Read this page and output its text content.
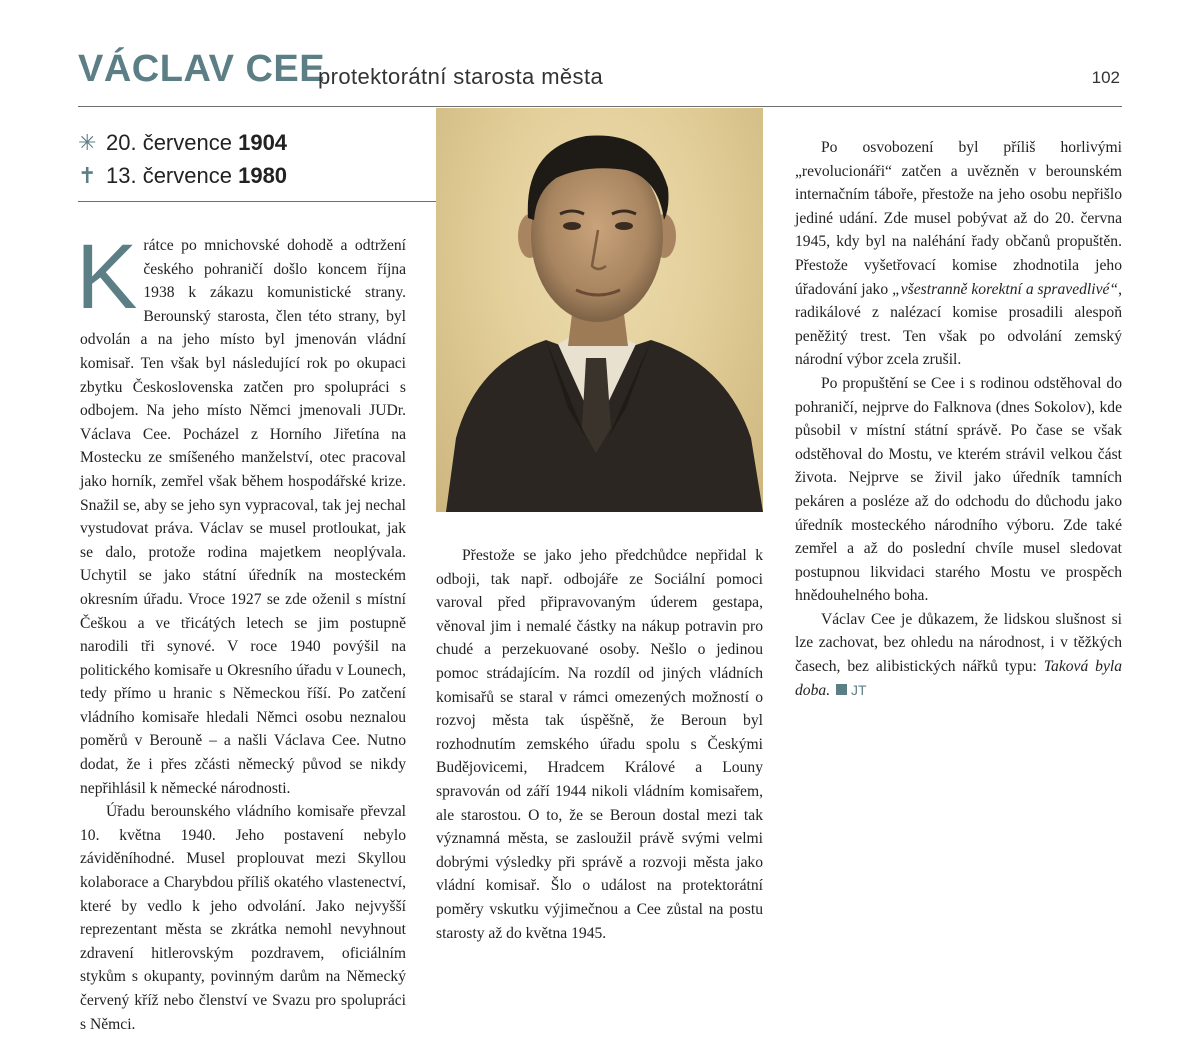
VÁCLAV CEE
protektorátní starosta města	102
✳ 20. července 1904
✝ 13. července 1980

Krátce po mnichovské dohodě a odtržení českého pohraničí došlo koncem října 1938 k zákazu komunistické strany. Berounský starosta, člen této strany, byl odvolán a na jeho místo byl jmenován vládní komisař. Ten však byl následující rok po okupaci zbytku Československa zatčen pro spolupráci s odbojem. Na jeho místo Němci jmenovali JUDr. Václava Cee. Pocházel z Horního Jiřetína na Mostecku ze smíšeného manželství, otec pracoval jako horník, zemřel však během hospodářské krize. Snažil se, aby se jeho syn vypracoval, tak jej nechal vystudovat práva. Václav se musel protloukat, jak se dalo, protože rodina majetkem neoplývala. Uchytil se jako státní úředník na mosteckém okresním úřadu. Vroce 1927 se zde oženil s místní Češkou a ve třicátých letech se jim postupně narodili tři synové. V roce 1940 povýšil na politického komisaře u Okresního úřadu v Lounech, tedy přímo u hranic s Německou říší. Po zatčení vládního komisaře hledali Němci osobu neznalou poměrů v Berouně – a našli Václava Cee. Nutno dodat, že i přes zčásti německý původ se nikdy nepřihlásil k německé národnosti.

Úřadu berounského vládního komisaře převzal 10. května 1940. Jeho postavení nebylo záviděníhodné. Musel proplouvat mezi Skyllou kolaborace a Charybdou příliš okatého vlastenectví, které by vedlo k jeho odvolání. Jako nejvyšší reprezentant města se zkrátka nemohl nevyhnout zdravení hitlerovským pozdravem, oficiálním stykům s okupanty, povinným darům na Německý červený kříž nebo členství ve Svazu pro spolupráci s Němci.

Přestože se jako jeho předchůdce nepřidal k odboji, tak např. odbojáře ze Sociální pomoci varoval před připravovaným úderem gestapa, věnoval jim i nemalé částky na nákup potravin pro chudé a perzekuované osoby. Nešlo o jedinou pomoc strádajícím. Na rozdíl od jiných vládních komisařů se staral v rámci omezených možností o rozvoj města tak úspěšně, že Beroun byl rozhodnutím zemského úřadu spolu s Českými Budějovicemi, Hradcem Králové a Louny spravován od září 1944 nikoli vládním komisařem, ale starostou. O to, že se Beroun dostal mezi tak významná města, se zasloužil právě svými velmi dobrými výsledky při správě a rozvoji města jako vládní komisař. Šlo o událost na protektorátní poměry vskutku výjimečnou a Cee zůstal na postu starosty až do května 1945.

Po osvobození byl příliš horlivými „revolucionáři“ zatčen a uvězněn v berounském internačním táboře, přestože na jeho osobu nepřišlo jediné udání. Zde musel pobývat až do 20. června 1945, kdy byl na naléhání řady občanů propuštěn. Přestože vyšetřovací komise zhodnotila jeho úřadování jako „všestranně korektní a spravedlivé“, radikálové z nalézací komise prosadili alespoň peněžitý trest. Ten však po odvolání zemský národní výbor zcela zrušil.

Po propuštění se Cee i s rodinou odstěhoval do pohraničí, nejprve do Falknova (dnes Sokolov), kde působil v místní státní správě. Po čase se však odstěhoval do Mostu, ve kterém strávil velkou část života. Nejprve se živil jako úředník tamních pekáren a posléze až do odchodu do důchodu jako úředník mosteckého národního výboru. Zde také zemřel a až do poslední chvíle musel sledovat postupnou likvidaci starého Mostu ve prospěch hnědouhelného boha.

Václav Cee je důkazem, že lidskou slušnost si lze zachovat, bez ohledu na národnost, i v těžkých časech, bez alibistických nářků typu: Taková byla doba. JT
